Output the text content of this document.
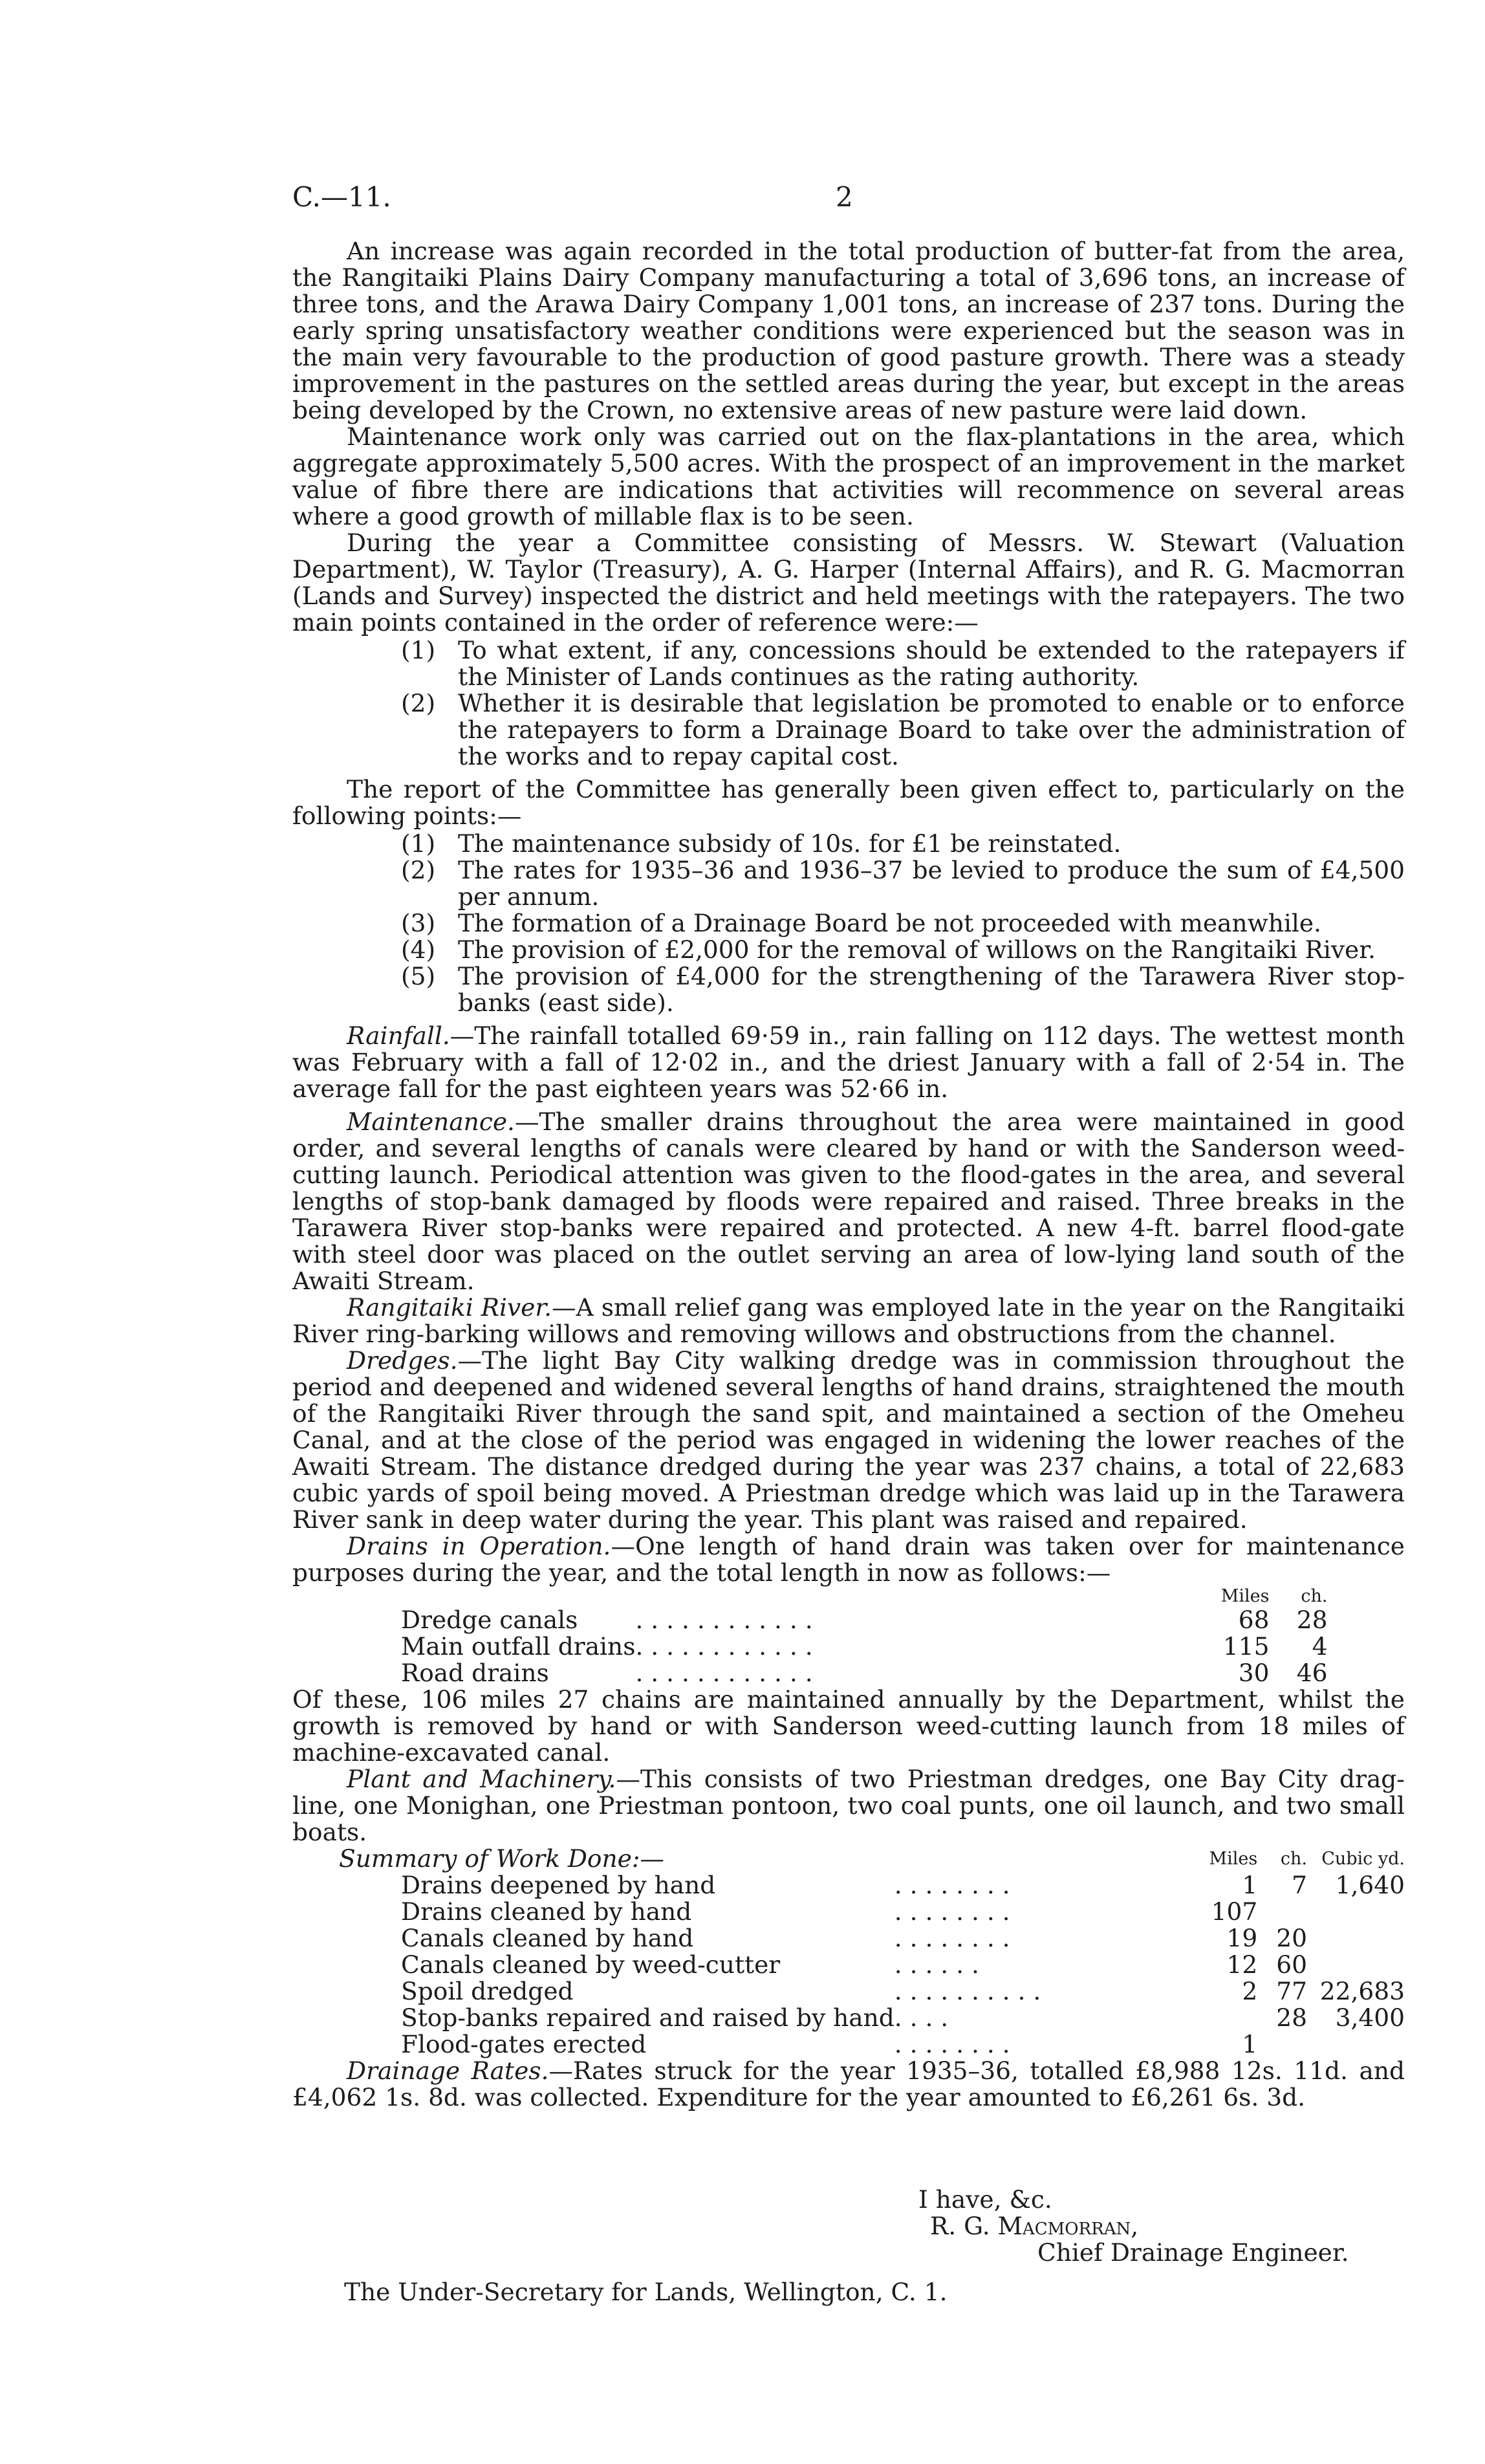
C.—11.	2

An increase was again recorded in the total production of butter-fat from the area, the Rangitaiki Plains Dairy Company manufacturing a total of 3,696 tons, an increase of three tons, and the Arawa Dairy Company 1,001 tons, an increase of 237 tons. During the early spring unsatisfactory weather conditions were experienced but the season was in the main very favourable to the production of good pasture growth. There was a steady improvement in the pastures on the settled areas during the year, but except in the areas being developed by the Crown, no extensive areas of new pasture were laid down.

Maintenance work only was carried out on the flax-plantations in the area, which aggregate approximately 5,500 acres. With the prospect of an improvement in the market value of fibre there are indications that activities will recommence on several areas where a good growth of millable flax is to be seen.

During the year a Committee consisting of Messrs. W. Stewart (Valuation Department), W. Taylor (Treasury), A. G. Harper (Internal Affairs), and R. G. Macmorran (Lands and Survey) inspected the district and held meetings with the ratepayers. The two main points contained in the order of reference were:—

(1) To what extent, if any, concessions should be extended to the ratepayers if the Minister of Lands continues as the rating authority.
(2) Whether it is desirable that legislation be promoted to enable or to enforce the ratepayers to form a Drainage Board to take over the administration of the works and to repay capital cost.

The report of the Committee has generally been given effect to, particularly on the following points:—

(1) The maintenance subsidy of 10s. for £1 be reinstated.
(2) The rates for 1935–36 and 1936–37 be levied to produce the sum of £4,500 per annum.
(3) The formation of a Drainage Board be not proceeded with meanwhile.
(4) The provision of £2,000 for the removal of willows on the Rangitaiki River.
(5) The provision of £4,000 for the strengthening of the Tarawera River stop-banks (east side).

Rainfall.—The rainfall totalled 69·59 in., rain falling on 112 days. The wettest month was February with a fall of 12·02 in., and the driest January with a fall of 2·54 in. The average fall for the past eighteen years was 52·66 in.

Maintenance.—The smaller drains throughout the area were maintained in good order, and several lengths of canals were cleared by hand or with the Sanderson weed-cutting launch. Periodical attention was given to the flood-gates in the area, and several lengths of stop-bank damaged by floods were repaired and raised. Three breaks in the Tarawera River stop-banks were repaired and protected. A new 4-ft. barrel flood-gate with steel door was placed on the outlet serving an area of low-lying land south of the Awaiti Stream.

Rangitaiki River.—A small relief gang was employed late in the year on the Rangitaiki River ring-barking willows and removing willows and obstructions from the channel.

Dredges.—The light Bay City walking dredge was in commission throughout the period and deepened and widened several lengths of hand drains, straightened the mouth of the Rangitaiki River through the sand spit, and maintained a section of the Omeheu Canal, and at the close of the period was engaged in widening the lower reaches of the Awaiti Stream. The distance dredged during the year was 237 chains, a total of 22,683 cubic yards of spoil being moved. A Priestman dredge which was laid up in the Tarawera River sank in deep water during the year. This plant was raised and repaired.

Drains in Operation.—One length of hand drain was taken over for maintenance purposes during the year, and the total length in now as follows:—

		Miles	ch.	
Dredge canals	. . . . . . . . . . . .	68	28	
Main outfall drains	. . . . . . . . . . . .	115	4	
Road drains	. . . . . . . . . . . .	30	46	

Of these, 106 miles 27 chains are maintained annually by the Department, whilst the growth is removed by hand or with Sanderson weed-cutting launch from 18 miles of machine-excavated canal.

Plant and Machinery.—This consists of two Priestman dredges, one Bay City drag-line, one Monighan, one Priestman pontoon, two coal punts, one oil launch, and two small boats.

Summary of Work Done:—		Miles	ch.	Cubic yd.	
Drains deepened by hand	. . . . . . . .	1	7	1,640	
Drains cleaned by hand	. . . . . . . .	107			
Canals cleaned by hand	. . . . . . . .	19	20		
Canals cleaned by weed-cutter	. . . . . .	12	60		
Spoil dredged	. . . . . . . . . .	2	77	22,683	
Stop-banks repaired and raised by hand	. . . .		28	3,400	
Flood-gates erected	. . . . . . . .	1			

Drainage Rates.—Rates struck for the year 1935–36, totalled £8,988 12s. 11d. and £4,062 1s. 8d. was collected. Expenditure for the year amounted to £6,261 6s. 3d.

I have, &c.
R. G. Macmorran,
Chief Drainage Engineer.
The Under-Secretary for Lands, Wellington, C. 1.
